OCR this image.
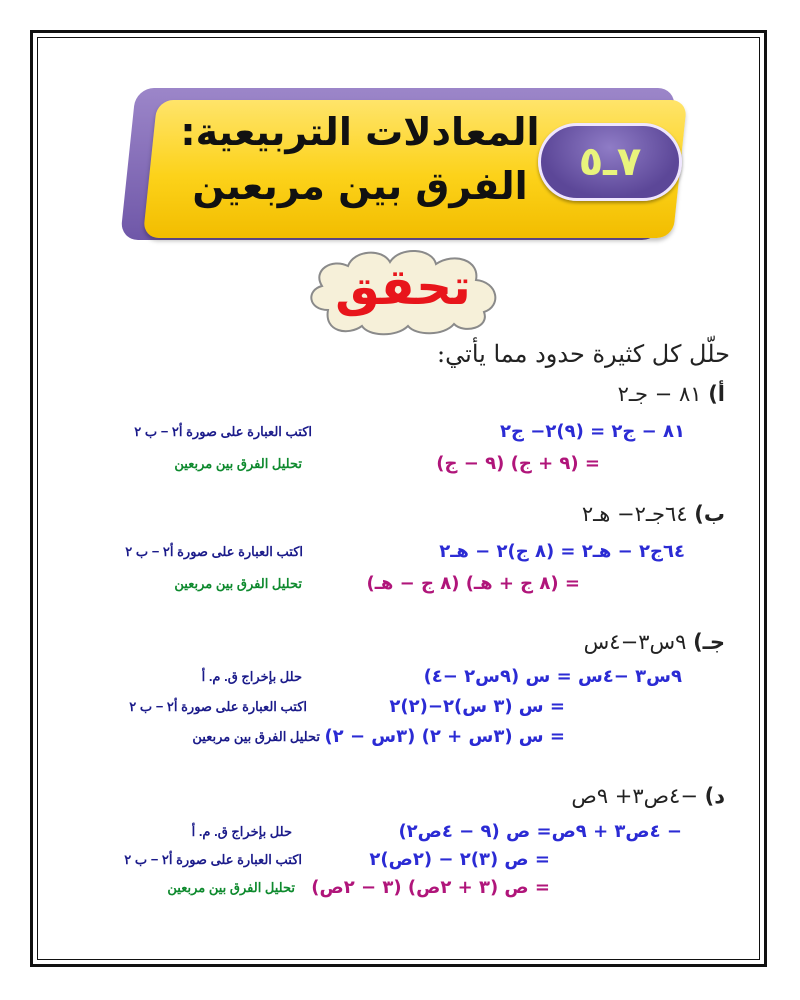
المعادلات التربيعية:
الفرق بين مربعين
٧ـ٥
تحقق
حلّل كل كثيرة حدود مما يأتي:
أ) ٨١ − جـ٢
٨١ − ج٢ = (٩)٢− ج٢
اكتب العبارة على صورة أ٢ − ب ٢
= (٩ + ج) (٩ − ج)
تحليل الفرق بين مربعين
ب) ٦٤جـ٢− هـ٢
٦٤ج٢ − هـ٢ = (٨ ج)٢ − هـ٢
اكتب العبارة على صورة أ٢ − ب ٢
= (٨ ج + هـ) (٨ ج − هـ)
تحليل الفرق بين مربعين
جـ) ٩س٣−٤س
٩س٣ −٤س = س (٩س٢ −٤)
حلل بإخراج ق. م. أ
= س (٣ س)٢−(٢)٢
اكتب العبارة على صورة أ٢ − ب ٢
= س (٣س + ٢) (٣س − ٢)
تحليل الفرق بين مربعين
د) −٤ص٣+ ٩ص
− ٤ص٣ + ٩ص= ص (٩ − ٤ص٢)
حلل بإخراج ق. م. أ
= ص (٣)٢ − (٢ص)٢
اكتب العبارة على صورة أ٢ − ب ٢
= ص (٣ + ٢ص) (٣ − ٢ص)
تحليل الفرق بين مربعين
